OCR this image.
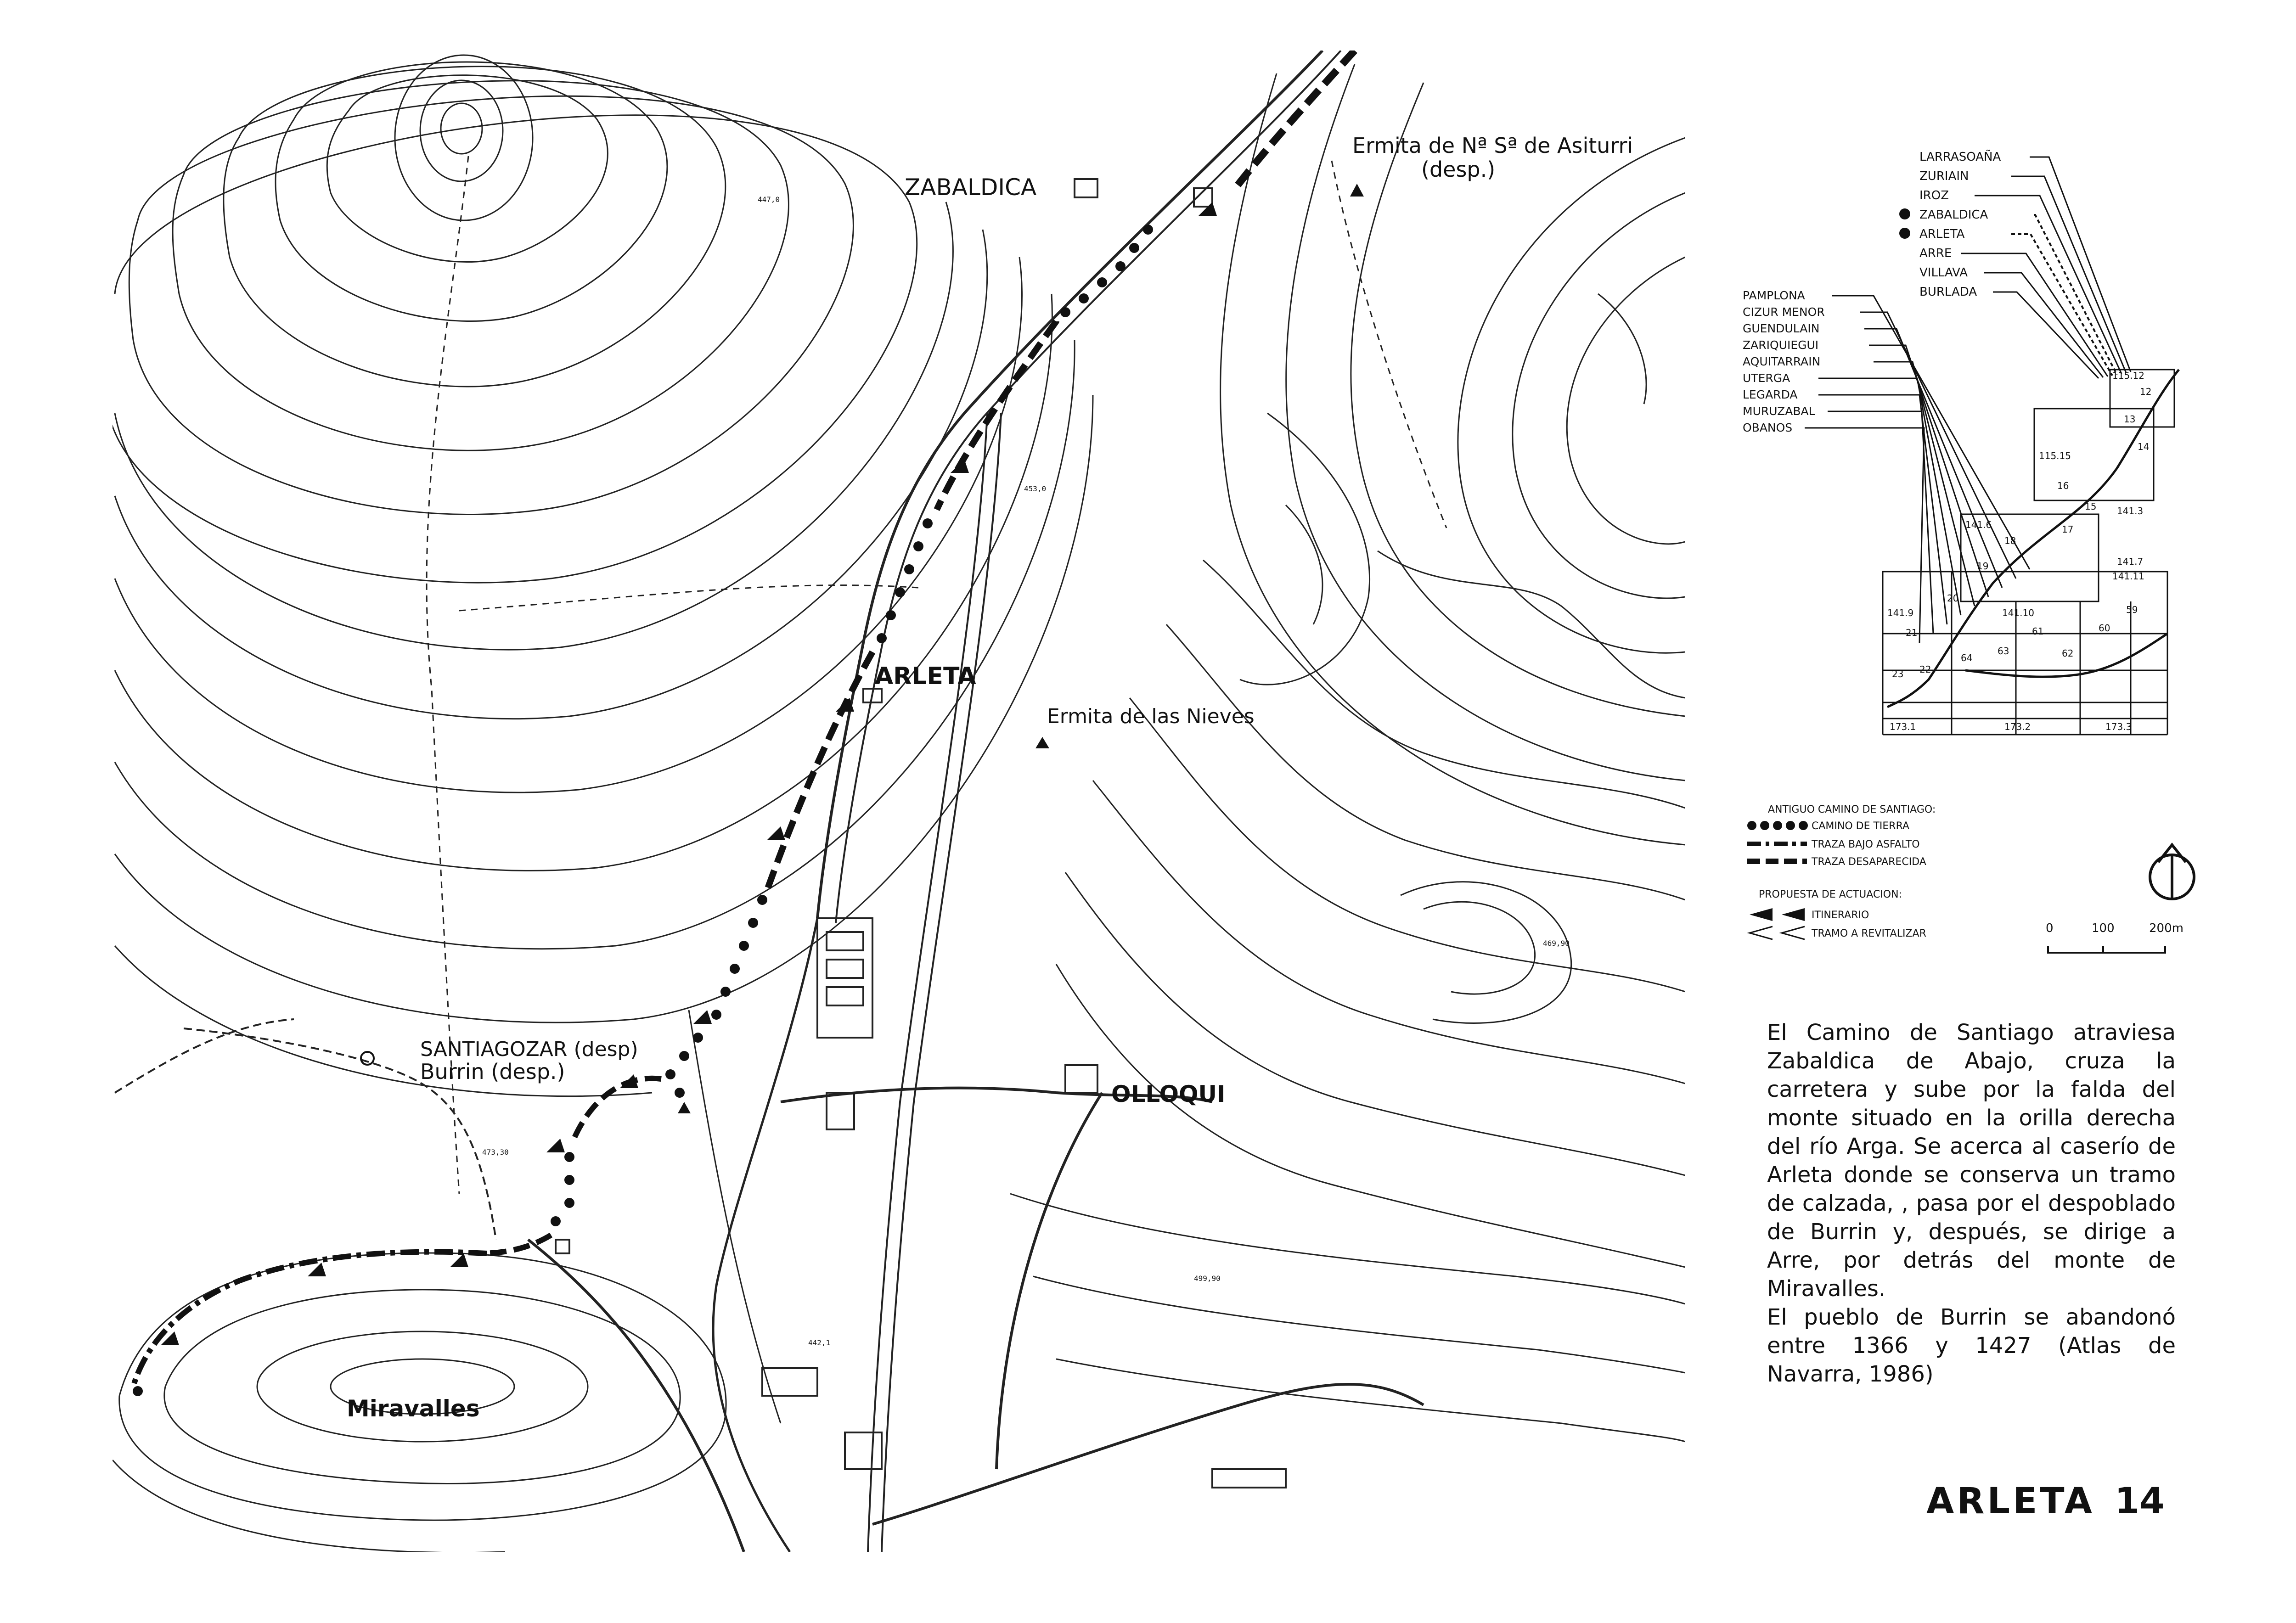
ZABALDICA
ARLETA
OLLOQUI
SANTIAGOZAR (desp)
Burrin (desp.)
Miravalles
Ermita de Nª Sª de Asiturri
(desp.)
Ermita de las Nieves
447,0
453,0
499,90
442,1
473,30
469,90
LARRASOAÑA
ZURIAIN
IROZ
ZABALDICA
ARLETA
ARRE
VILLAVA
BURLADA
PAMPLONA
CIZUR MENOR
GUENDULAIN
ZARIQUIEGUI
AQUITARRAIN
UTERGA
LEGARDA
MURUZABAL
OBANOS
115.12
12
13
14
115.15
15
16
141.3
141.6	17
18
19	141.7
141.11
20
141.9	141.10
21
59
60
61
62
63
64
22
23
173.1	173.2	173.3
ANTIGUO CAMINO DE SANTIAGO:
CAMINO DE TIERRA
TRAZA BAJO ASFALTO
TRAZA DESAPARECIDA
PROPUESTA DE ACTUACION:
ITINERARIO
TRAMO A REVITALIZAR	0	100	200m

El Camino de Santiago atraviesa Zabaldica de Abajo, cruza la carretera y sube por la falda del monte situado en la orilla derecha del río Arga. Se acerca al caserío de Arleta donde se conserva un tramo de calzada, , pasa por el despoblado de Burrin y, después, se dirige a Arre, por detrás del monte de Miravalles.

El pueblo de Burrin se abandonó entre 1366 y 1427 (Atlas de Navarra, 1986)

ARLETA 14
